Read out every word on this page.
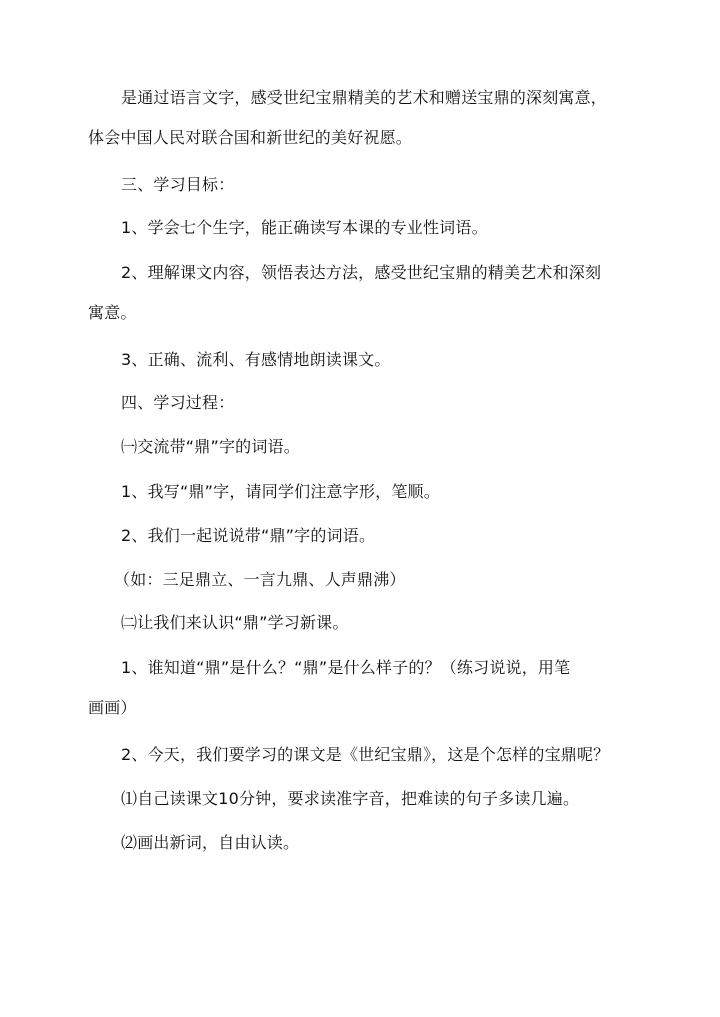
是通过语言文字，感受世纪宝鼎精美的艺术和赠送宝鼎的深刻寓意，
体会中国人民对联合国和新世纪的美好祝愿。

三、学习目标：

1、学会七个生字，能正确读写本课的专业性词语。

2、理解课文内容，领悟表达方法，感受世纪宝鼎的精美艺术和深刻
寓意。

3、正确、流利、有感情地朗读课文。

四、学习过程：

㈠交流带“鼎”字的词语。

1、我写“鼎”字，请同学们注意字形，笔顺。

2、我们一起说说带“鼎”字的词语。

（如：三足鼎立、一言九鼎、人声鼎沸）

㈡让我们来认识“鼎”学习新课。

1、谁知道“鼎”是什么？“鼎”是什么样子的？（练习说说，用笔
画画）

2、今天，我们要学习的课文是《世纪宝鼎》，这是个怎样的宝鼎呢？

⑴自己读课文10分钟，要求读准字音，把难读的句子多读几遍。

⑵画出新词，自由认读。
